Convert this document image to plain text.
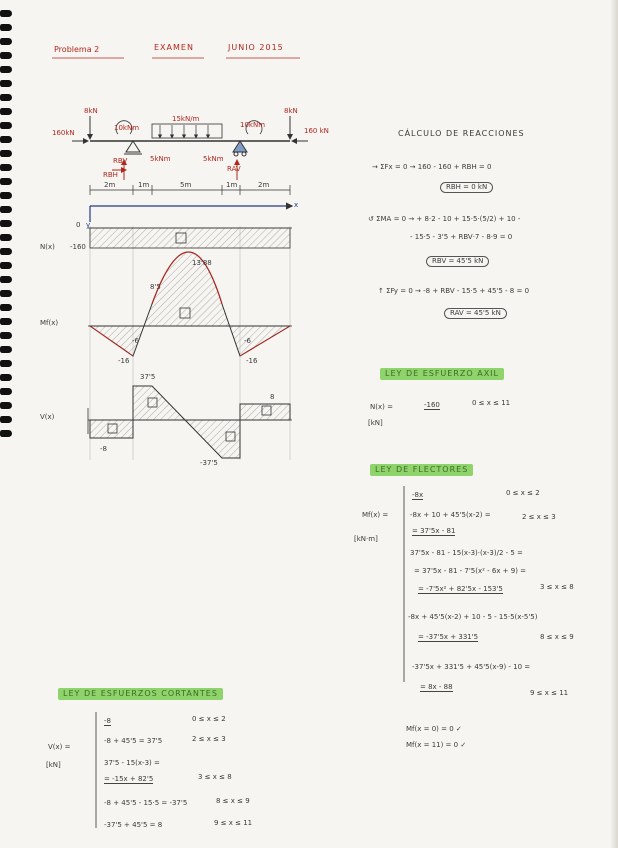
Problema 2	EXAMEN	JUNIO 2015
8kN	8kN
160kN	160 kN
10kNm	10kNm
15kN/m
5kNm	5kNm
RBV
RBH
RAV
2m	1m	5m	1m	2m
x
y
0
N(x) -160
Mf(x)
13'88
-16
-6
8'5
-6
-16
V(x)
37'5
-37'5
-8
8
CÁLCULO DE REACCIONES
→ ΣFx = 0 → 160 - 160 + RBH = 0
RBH = 0 kN
↺ ΣMA = 0 → + 8·2 - 10 + 15·5·(5/2) + 10 -
- 15·5 - 3'5 + RBV·7 - 8·9 = 0
RBV = 45'5 kN
↑ ΣFy = 0 → -8 + RBV - 15·5 + 45'5 - 8 = 0
RAV = 45'5 kN
LEY DE ESFUERZO AXIL
N(x) =
[kN]
-160	0 ≤ x ≤ 11
LEY DE FLECTORES
Mf(x) =
[kN·m]
-8x	0 ≤ x ≤ 2
-8x + 10 + 45'5(x-2) =	2 ≤ x ≤ 3
= 37'5x - 81
37'5x - 81 - 15(x-3)·(x-3)/2 - 5 =
= 37'5x - 81 - 7'5(x² - 6x + 9) =
= -7'5x² + 82'5x - 153'5	3 ≤ x ≤ 8
-8x + 45'5(x-2) + 10 - 5 - 15·5(x-5'5)
= -37'5x + 331'5	8 ≤ x ≤ 9
-37'5x + 331'5 + 45'5(x-9) - 10 =
= 8x - 88
9 ≤ x ≤ 11
Mf(x = 0) = 0 ✓
Mf(x = 11) = 0 ✓
LEY DE ESFUERZOS CORTANTES
V(x) =
[kN]
-8	0 ≤ x ≤ 2
-8 + 45'5 = 37'5	2 ≤ x ≤ 3
37'5 - 15(x-3) =
= -15x + 82'5	3 ≤ x ≤ 8
-8 + 45'5 - 15·5 = -37'5	8 ≤ x ≤ 9
-37'5 + 45'5 = 8	9 ≤ x ≤ 11
